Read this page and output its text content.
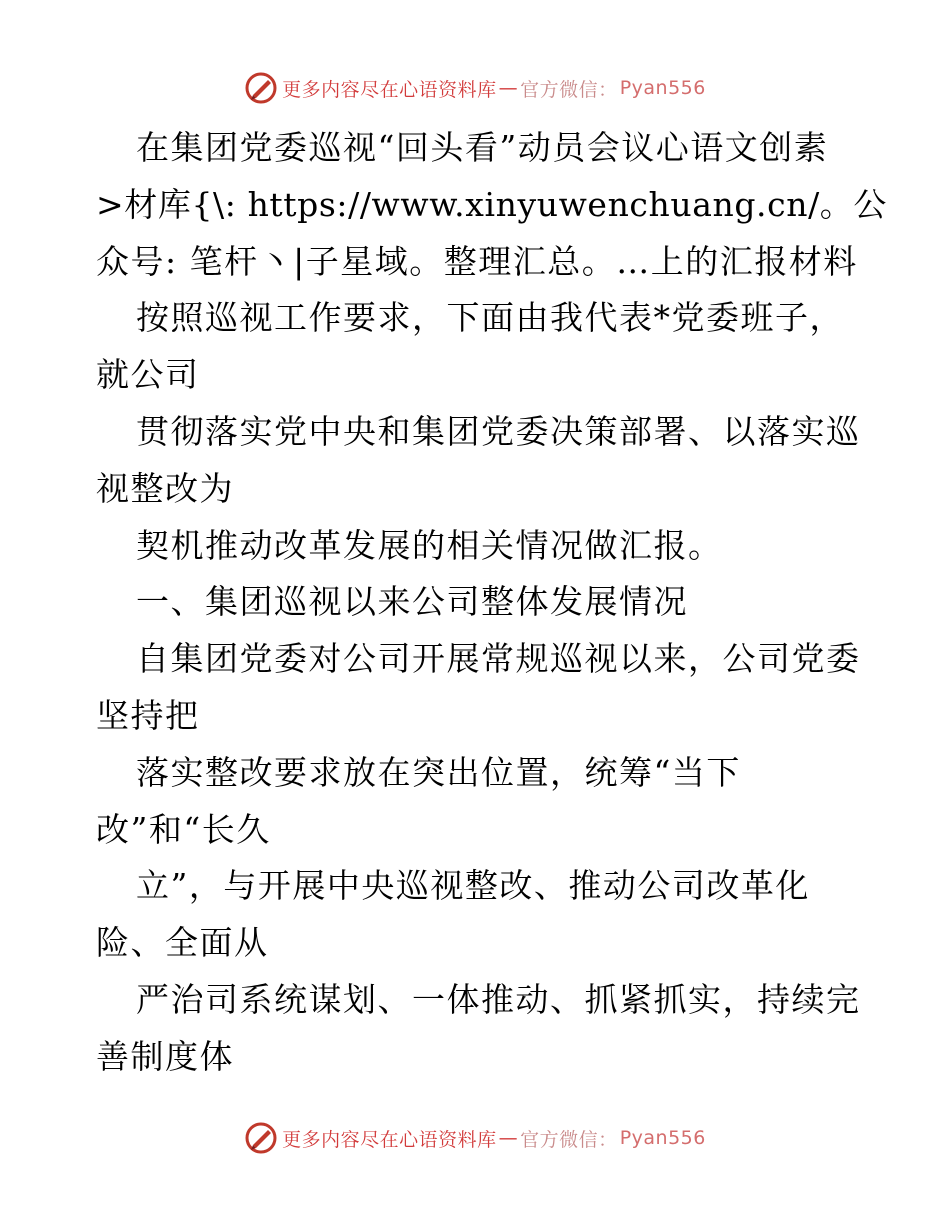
更多内容尽在心语资料库 — 官方微信： Pyan556
在集团党委巡视“回头看”动员会议心语文创素
>材库{\: https://www.xinyuwenchuang.cn/。公
众号: 笔杆丶|子星域。整理汇总。…上的汇报材料
按照巡视工作要求，下面由我代表*党委班子，
就公司
贯彻落实党中央和集团党委决策部署、以落实巡
视整改为
契机推动改革发展的相关情况做汇报。
一、集团巡视以来公司整体发展情况
自集团党委对公司开展常规巡视以来，公司党委
坚持把
落实整改要求放在突出位置，统筹“当下
改”和“长久
立”，与开展中央巡视整改、推动公司改革化
险、全面从
严治司系统谋划、一体推动、抓紧抓实，持续完
善制度体
更多内容尽在心语资料库 — 官方微信： Pyan556
